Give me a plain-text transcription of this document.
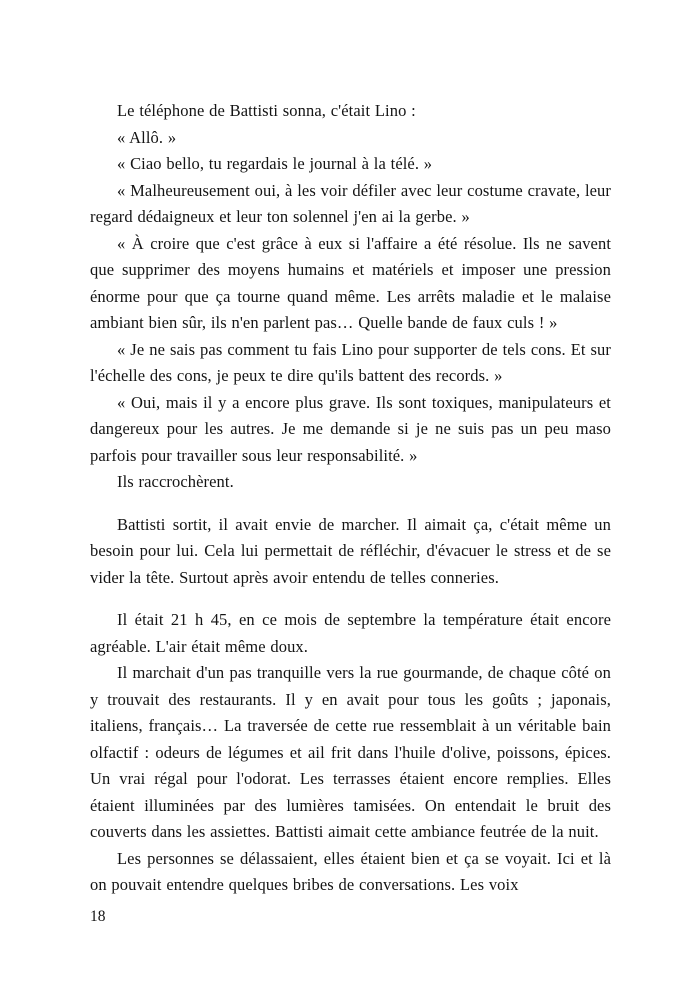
Le téléphone de Battisti sonna, c'était Lino :

« Allô. »

« Ciao bello, tu regardais le journal à la télé. »

« Malheureusement oui, à les voir défiler avec leur costume cravate, leur regard dédaigneux et leur ton solennel j'en ai la gerbe. »

« À croire que c'est grâce à eux si l'affaire a été résolue. Ils ne savent que supprimer des moyens humains et matériels et imposer une pression énorme pour que ça tourne quand même. Les arrêts maladie et le malaise ambiant bien sûr, ils n'en parlent pas… Quelle bande de faux culs ! »

« Je ne sais pas comment tu fais Lino pour supporter de tels cons. Et sur l'échelle des cons, je peux te dire qu'ils battent des records. »

« Oui, mais il y a encore plus grave. Ils sont toxiques, manipulateurs et dangereux pour les autres. Je me demande si je ne suis pas un peu maso parfois pour travailler sous leur responsabilité. »

Ils raccrochèrent.

Battisti sortit, il avait envie de marcher. Il aimait ça, c'était même un besoin pour lui. Cela lui permettait de réfléchir, d'évacuer le stress et de se vider la tête. Surtout après avoir entendu de telles conneries.

Il était 21 h 45, en ce mois de septembre la température était encore agréable. L'air était même doux.

Il marchait d'un pas tranquille vers la rue gourmande, de chaque côté on y trouvait des restaurants. Il y en avait pour tous les goûts ; japonais, italiens, français… La traversée de cette rue ressemblait à un véritable bain olfactif : odeurs de légumes et ail frit dans l'huile d'olive, poissons, épices. Un vrai régal pour l'odorat. Les terrasses étaient encore remplies. Elles étaient illuminées par des lumières tamisées. On entendait le bruit des couverts dans les assiettes. Battisti aimait cette ambiance feutrée de la nuit.

Les personnes se délassaient, elles étaient bien et ça se voyait. Ici et là on pouvait entendre quelques bribes de conversations. Les voix

18
